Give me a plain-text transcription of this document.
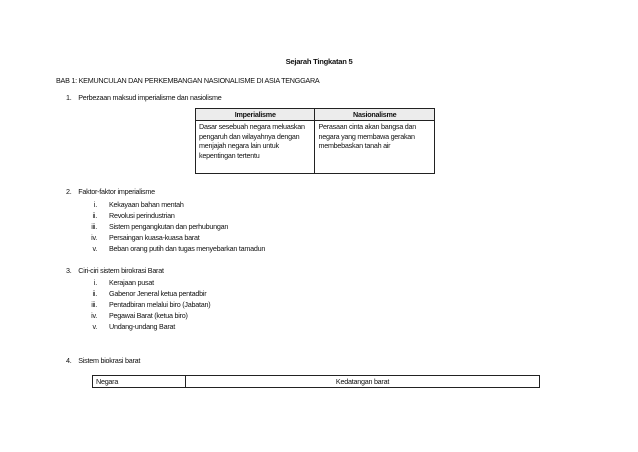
Sejarah Tingkatan 5
BAB 1: KEMUNCULAN DAN PERKEMBANGAN NASIONALISME DI ASIA TENGGARA
1. Perbezaan maksud imperialisme dan nasiolisme
Imperialisme	Nasionalisme
Dasar sesebuah negara meluaskan pengaruh dan wilayahnya dengan menjajah negara lain untuk kepentingan tertentu	Perasaan cinta akan bangsa dan negara yang membawa gerakan membebaskan tanah air
2. Faktor-faktor imperialisme
i. Kekayaan bahan mentah
ii. Revolusi perindustrian
iii. Sistem pengangkutan dan perhubungan
iv. Persaingan kuasa-kuasa barat
v. Beban orang putih dan tugas menyebarkan tamadun
3. Ciri-ciri sistem birokrasi Barat
i. Kerajaan pusat
ii. Gabenor Jeneral ketua pentadbir
iii. Pentadbiran melalui biro (Jabatan)
iv. Pegawai Barat (ketua biro)
v. Undang-undang Barat
4. Sistem biokrasi barat
Negara	Kedatangan barat
